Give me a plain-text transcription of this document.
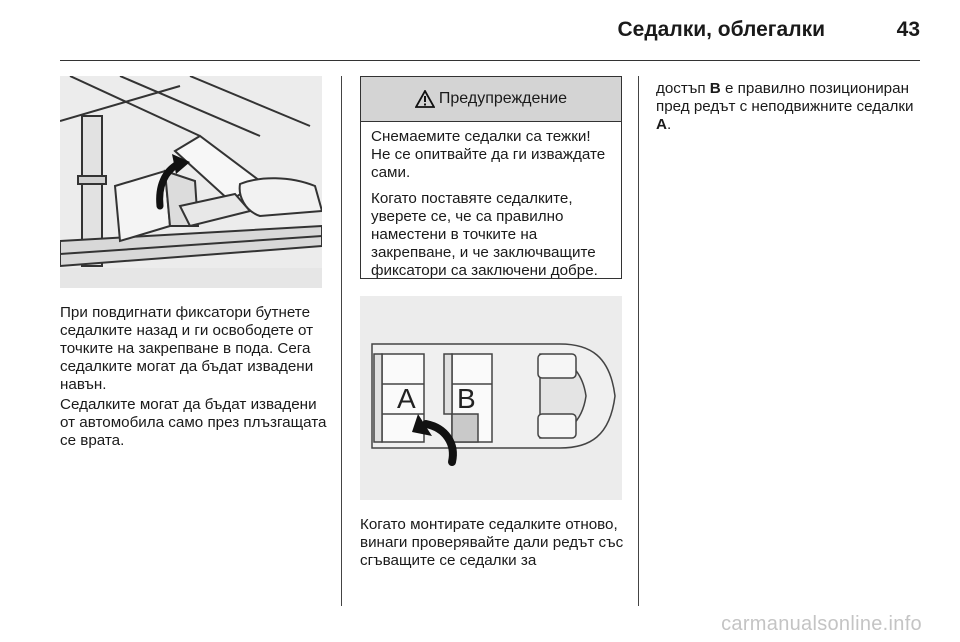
Седалки, облегалки	43

При повдигнати фиксатори бутнете седалките назад и ги освободете от точките на закрепване в пода. Сега седалките могат да бъдат извадени навън.

Седалките могат да бъдат извадени от автомобила само през плъзгащата се врата.

Предупреждение

Снемаемите седалки са тежки! Не се опитвайте да ги изваждате сами.

Когато поставяте седалките, уверете се, че са правилно наместени в точките на закрепване, и че заключващите фиксатори са заключени добре.

A B

Когато монтирате седалките отново, винаги проверявайте дали редът със сгъващите се седалки за

достъп B е правилно позициониран пред редът с неподвижните седалки A.

carmanualsonline.info
